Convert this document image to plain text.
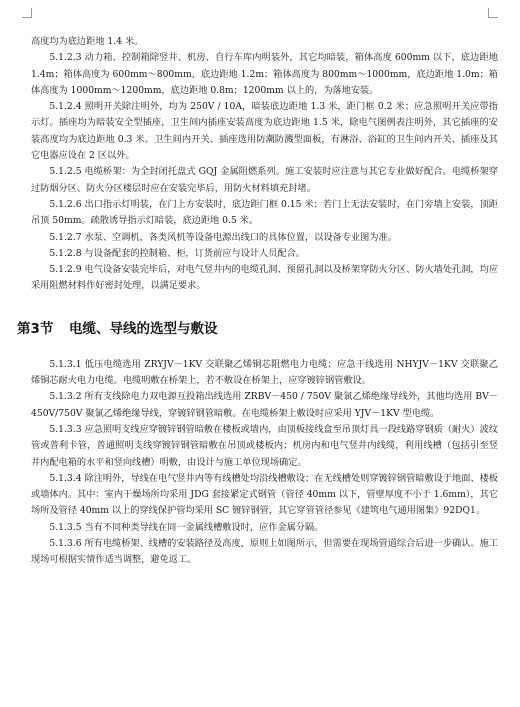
高度均为底边距地 1.4 米。

5.1.2.3 动力箱、控制箱除竖井、机房、自行车库内明装外，其它均暗装，箱体高度 600mm 以下，底边距地 1.4m；箱体高度为 600mm～800mm，底边距地 1.2m；箱体高度为 800mm～1000mm，底边距地 1.0m；箱体高度为 1000mm～1200mm，底边距地 0.8m；1200mm 以上的，为落地安装。

5.1.2.4 照明开关除注明外，均为 250V / 10A，暗装底边距地 1.3 米，距门框 0.2 米；应急照明开关应带指示灯。插座均为暗装安全型插座，卫生间内插座安装高度为底边距地 1.5 米，除电气图例表注明外，其它插座的安装高度均为底边距地 0.3 米。卫生间内开关、插座选用防潮防溅型面板，有淋浴、浴缸的卫生间内开关、插座及其它电器应设在 2 区以外。

5.1.2.5 电缆桥架：为全封闭托盘式 GQJ 金属阻燃系列。施工安装时应注意与其它专业做好配合。电缆桥架穿过防烟分区、防火分区楼层时应在安装完毕后，用防火材料填充封堵。

5.1.2.6 出口指示灯明装，在门上方安装时，底边距门框 0.15 米；若门上无法安装时，在门旁墙上安装，顶距吊顶 50mm。疏散诱导指示灯暗装，底边距地 0.5 米。

5.1.2.7 水泵、空调机，各类风机等设备电源出线口的具体位置，以设备专业图为准。

5.1.2.8 与设备配套的控制箱、柜，订货前应与设计人员配合。

5.1.2.9 电气设备安装完毕后，对电气竖井内的电缆孔洞、预留孔洞以及桥架穿防火分区、防火墙处孔洞，均应采用阻燃材料作好密封处理，以满足要求。

第3节 电缆、导线的选型与敷设

5.1.3.1 低压电缆选用 ZRYJV－1KV 交联聚乙烯铜芯阻燃电力电缆；应急干线选用 NHYJV－1KV 交联聚乙烯铜芯耐火电力电缆。电缆明敷在桥架上，若不敷设在桥架上，应穿镀锌钢管敷设。

5.1.3.2 所有支线除电力双电源互投箱出线选用 ZRBV－450 / 750V 聚氯乙烯绝缘导线外，其他均选用 BV－450V/750V 聚氯乙烯绝缘导线，穿镀锌钢管暗敷。在电缆桥架上敷设时应采用 YJV－1KV 型电缆。

5.1.3.3 应急照明支线应穿镀锌钢管暗敷在楼板或墙内，由顶板接线盒至吊顶灯具一段线路穿钢质（耐火）波纹管或普利卡管，普通照明支线穿镀锌钢管暗敷在吊顶或楼板内；机房内和电气竖井内线缆，利用线槽（包括引至竖井内配电箱的水平和竖向线槽）明敷，由设计与施工单位现场确定。

5.1.3.4 除注明外，导线在电气竖井内等有线槽处均沿线槽敷设；在无线槽处则穿镀锌钢管暗敷设于地面、楼板或墙体内。其中：室内干燥场所均采用 JDG 套接紧定式钢管（管径 40mm 以下，管壁厚度不小于 1.6mm），其它场所及管径 40mm 以上的穿线保护管均采用 SC 镀锌钢管，其它穿管管径参见《建筑电气通用图集》92DQ1。

5.1.3.5 当有不同种类导线在同一金属线槽敷设时，应作金属分隔。

5.1.3.6 所有电缆桥架、线槽的安装路径及高度，原则上如图所示，但需要在现场管道综合后进一步确认。施工现场可根据实情作适当调整，避免返工。
